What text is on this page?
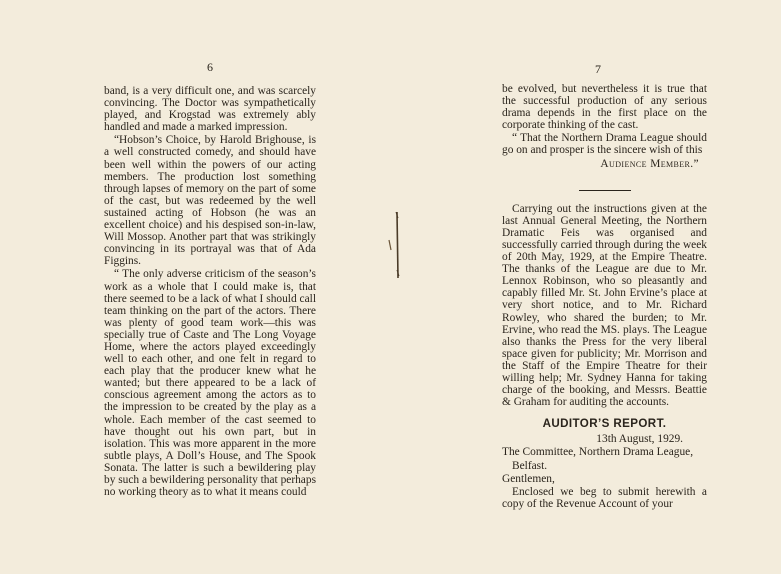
6

band, is a very difficult one, and was scarcely convincing. The Doctor was sympathetically played, and Krogstad was extremely ably handled and made a marked impression.

“Hobson’s Choice, by Harold Brighouse, is a well constructed comedy, and should have been well within the powers of our acting members. The production lost something through lapses of memory on the part of some of the cast, but was redeemed by the well sustained acting of Hobson (he was an excellent choice) and his despised son-in-law, Will Mossop. Another part that was strikingly convincing in its portrayal was that of Ada Figgins.

“ The only adverse criticism of the season’s work as a whole that I could make is, that there seemed to be a lack of what I should call team thinking on the part of the actors. There was plenty of good team work—this was specially true of Caste and The Long Voyage Home, where the actors played exceedingly well to each other, and one felt in regard to each play that the producer knew what he wanted; but there appeared to be a lack of conscious agreement among the actors as to the impression to be created by the play as a whole. Each member of the cast seemed to have thought out his own part, but in isolation. This was more apparent in the more subtle plays, A Doll’s House, and The Spook Sonata. The latter is such a bewildering play by such a bewildering personality that perhaps no working theory as to what it means could

7

be evolved, but nevertheless it is true that the successful production of any serious drama depends in the first place on the corporate thinking of the cast.

“ That the Northern Drama League should go on and prosper is the sincere wish of this

Audience Member.”

Carrying out the instructions given at the last Annual General Meeting, the Northern Dramatic Feis was organised and successfully carried through during the week of 20th May, 1929, at the Empire Theatre. The thanks of the League are due to Mr. Lennox Robinson, who so pleasantly and capably filled Mr. St. John Ervine’s place at very short notice, and to Mr. Richard Rowley, who shared the burden; to Mr. Ervine, who read the MS. plays. The League also thanks the Press for the very liberal space given for publicity; Mr. Morrison and the Staff of the Empire Theatre for their willing help; Mr. Sydney Hanna for taking charge of the booking, and Messrs. Beattie & Graham for auditing the accounts.

AUDITOR’S REPORT.

13th August, 1929.

The Committee, Northern Drama League,

Belfast.

Gentlemen,

Enclosed we beg to submit herewith a copy of the Revenue Account of your
